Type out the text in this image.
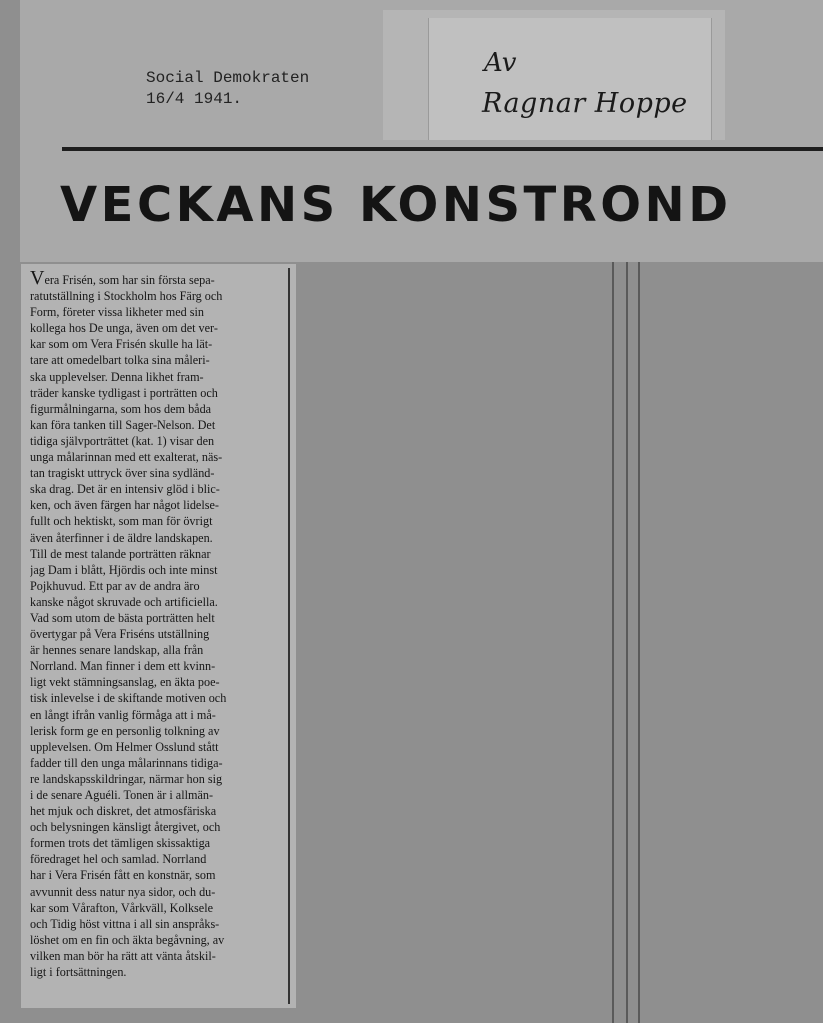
Social Demokraten
16/4 1941.
Av
Ragnar Hoppe
VECKANS KONSTROND
Vera Frisén, som har sin första sepa-
ratutställning i Stockholm hos Färg och
Form, företer vissa likheter med sin
kollega hos De unga, även om det ver-
kar som om Vera Frisén skulle ha lät-
tare att omedelbart tolka sina måleri-
ska upplevelser. Denna likhet fram-
träder kanske tydligast i porträtten och
figurmålningarna, som hos dem båda
kan föra tanken till Sager-Nelson. Det
tidiga självporträttet (kat. 1) visar den
unga målarinnan med ett exalterat, näs-
tan tragiskt uttryck över sina sydländ-
ska drag. Det är en intensiv glöd i blic-
ken, och även färgen har något lidelse-
fullt och hektiskt, som man för övrigt
även återfinner i de äldre landskapen.
Till de mest talande porträtten räknar
jag Dam i blått, Hjördis och inte minst
Pojkhuvud. Ett par av de andra äro
kanske något skruvade och artificiella.
Vad som utom de bästa porträtten helt
övertygar på Vera Friséns utställning
är hennes senare landskap, alla från
Norrland. Man finner i dem ett kvinn-
ligt vekt stämningsanslag, en äkta poe-
tisk inlevelse i de skiftande motiven och
en långt ifrån vanlig förmåga att i må-
lerisk form ge en personlig tolkning av
upplevelsen. Om Helmer Osslund stått
fadder till den unga målarinnans tidiga-
re landskapsskildringar, närmar hon sig
i de senare Aguéli. Tonen är i allmän-
het mjuk och diskret, det atmosfäriska
och belysningen känsligt återgivet, och
formen trots det tämligen skissaktiga
föredraget hel och samlad. Norrland
har i Vera Frisén fått en konstnär, som
avvunnit dess natur nya sidor, och du-
kar som Vårafton, Vårkväll, Kolksele
och Tidig höst vittna i all sin anspråks-
löshet om en fin och äkta begåvning, av
vilken man bör ha rätt att vänta åtskil-
ligt i fortsättningen.
